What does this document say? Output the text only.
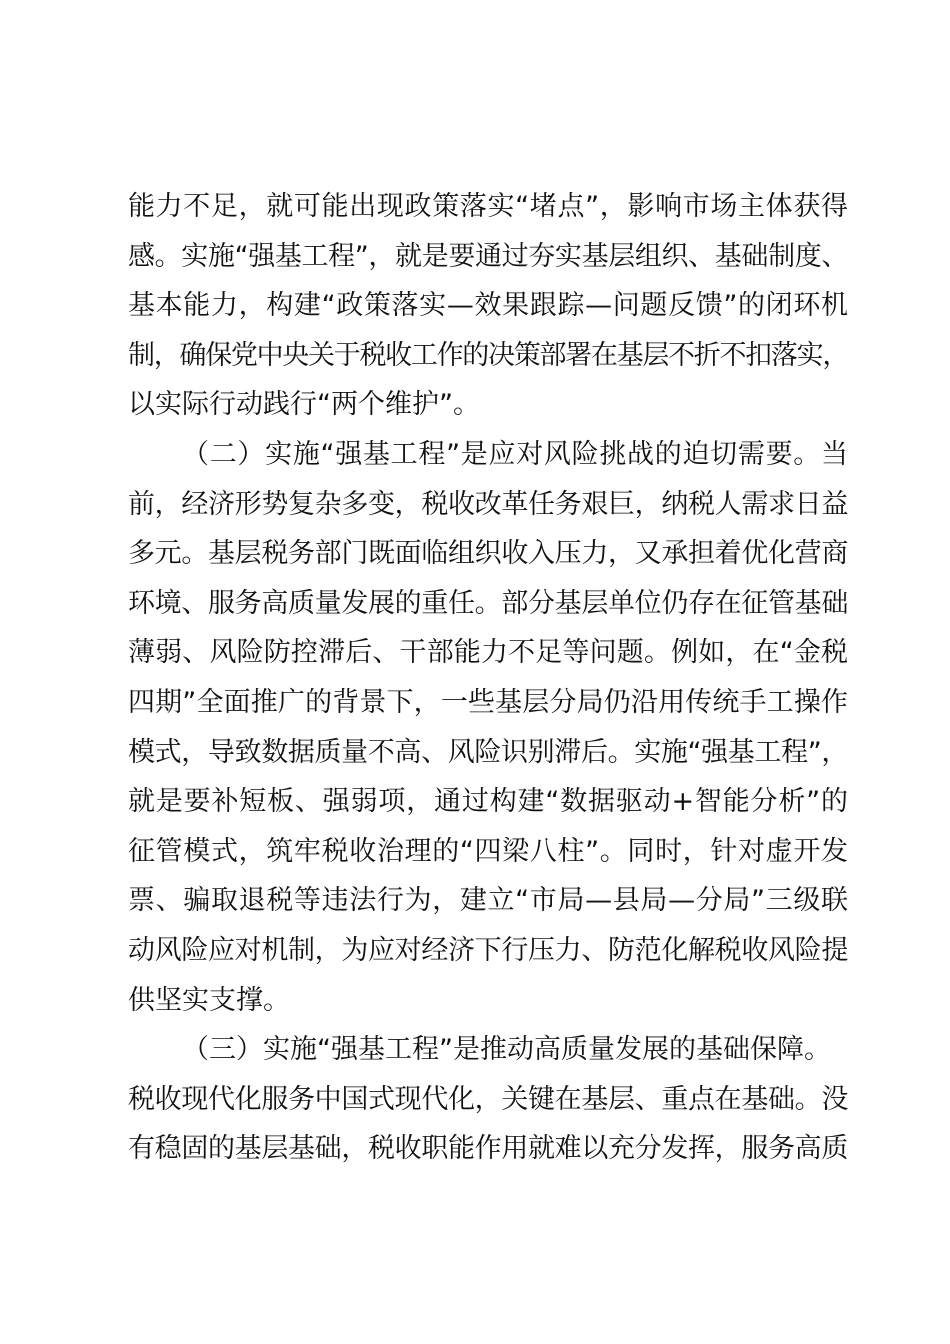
能力不足，就可能出现政策落实“堵点”，影响市场主体获得
感。实施“强基工程”，就是要通过夯实基层组织、基础制度、
基本能力，构建“政策落实—效果跟踪—问题反馈”的闭环机
制，确保党中央关于税收工作的决策部署在基层不折不扣落实，
以实际行动践行“两个维护”。
（二）实施“强基工程”是应对风险挑战的迫切需要。当
前，经济形势复杂多变，税收改革任务艰巨，纳税人需求日益
多元。基层税务部门既面临组织收入压力，又承担着优化营商
环境、服务高质量发展的重任。部分基层单位仍存在征管基础
薄弱、风险防控滞后、干部能力不足等问题。例如，在“金税
四期”全面推广的背景下，一些基层分局仍沿用传统手工操作
模式，导致数据质量不高、风险识别滞后。实施“强基工程”，
就是要补短板、强弱项，通过构建“数据驱动+智能分析”的
征管模式，筑牢税收治理的“四梁八柱”。同时，针对虚开发
票、骗取退税等违法行为，建立“市局—县局—分局”三级联
动风险应对机制，为应对经济下行压力、防范化解税收风险提
供坚实支撑。
（三）实施“强基工程”是推动高质量发展的基础保障。
税收现代化服务中国式现代化，关键在基层、重点在基础。没
有稳固的基层基础，税收职能作用就难以充分发挥，服务高质
